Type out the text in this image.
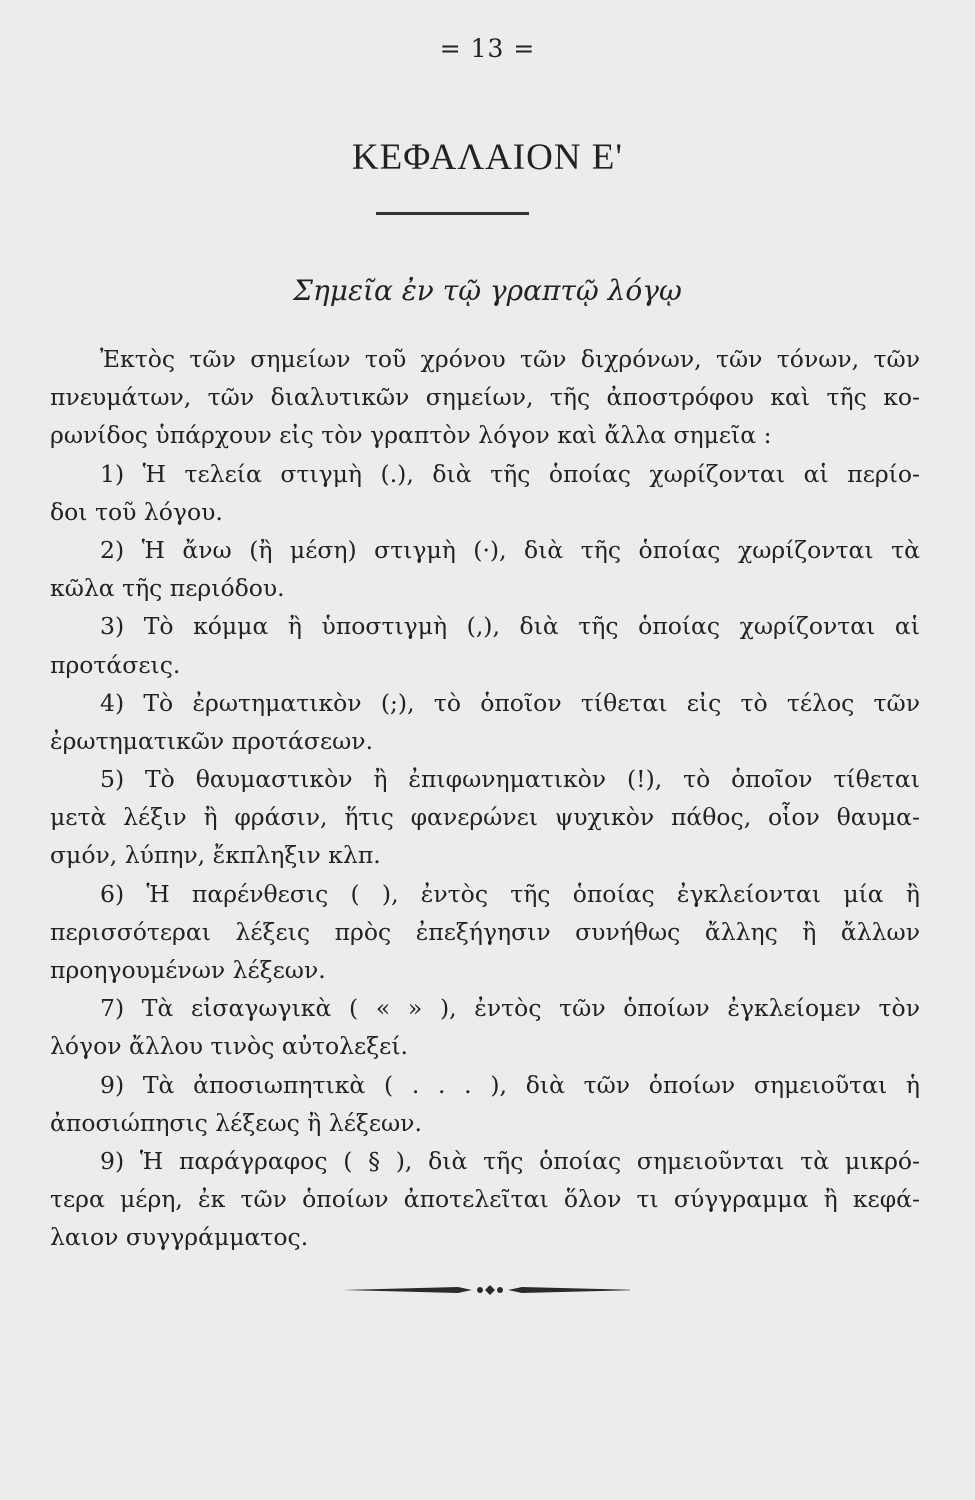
= 13 =
ΚΕΦΑΛΑΙΟΝ Ε'
Σημεῖα ἐν τῷ γραπτῷ λόγῳ
Ἐκτὸς τῶν σημείων τοῦ χρόνου τῶν διχρόνων, τῶν τόνων, τῶν
πνευμάτων, τῶν διαλυτικῶν σημείων, τῆς ἀποστρόφου καὶ τῆς κο-
ρωνίδος ὑπάρχουν εἰς τὸν γραπτὸν λόγον καὶ ἄλλα σημεῖα :
1) Ἡ τελεία στιγμὴ (.), διὰ τῆς ὁποίας χωρίζονται αἱ περίο-
δοι τοῦ λόγου.
2) Ἡ ἄνω (ἢ μέση) στιγμὴ (·), διὰ τῆς ὁποίας χωρίζονται τὰ
κῶλα τῆς περιόδου.
3) Τὸ κόμμα ἢ ὑποστιγμὴ (,), διὰ τῆς ὁποίας χωρίζονται αἱ
προτάσεις.
4) Τὸ ἐρωτηματικὸν (;), τὸ ὁποῖον τίθεται εἰς τὸ τέλος τῶν
ἐρωτηματικῶν προτάσεων.
5) Τὸ θαυμαστικὸν ἢ ἐπιφωνηματικὸν (!), τὸ ὁποῖον τίθεται
μετὰ λέξιν ἢ φράσιν, ἥτις φανερώνει ψυχικὸν πάθος, οἷον θαυμα-
σμόν, λύπην, ἔκπληξιν κλπ.
6) Ἡ παρένθεσις ( ), ἐντὸς τῆς ὁποίας ἐγκλείονται μία ἢ
περισσότεραι λέξεις πρὸς ἐπεξήγησιν συνήθως ἄλλης ἢ ἄλλων
προηγουμένων λέξεων.
7) Τὰ εἰσαγωγικὰ ( « » ), ἐντὸς τῶν ὁποίων ἐγκλείομεν τὸν
λόγον ἄλλου τινὸς αὐτολεξεί.
9) Τὰ ἀποσιωπητικὰ ( . . . ), διὰ τῶν ὁποίων σημειοῦται ἡ
ἀποσιώπησις λέξεως ἢ λέξεων.
9) Ἡ παράγραφος ( § ), διὰ τῆς ὁποίας σημειοῦνται τὰ μικρό-
τερα μέρη, ἐκ τῶν ὁποίων ἀποτελεῖται ὅλον τι σύγγραμμα ἢ κεφά-
λαιον συγγράμματος.
